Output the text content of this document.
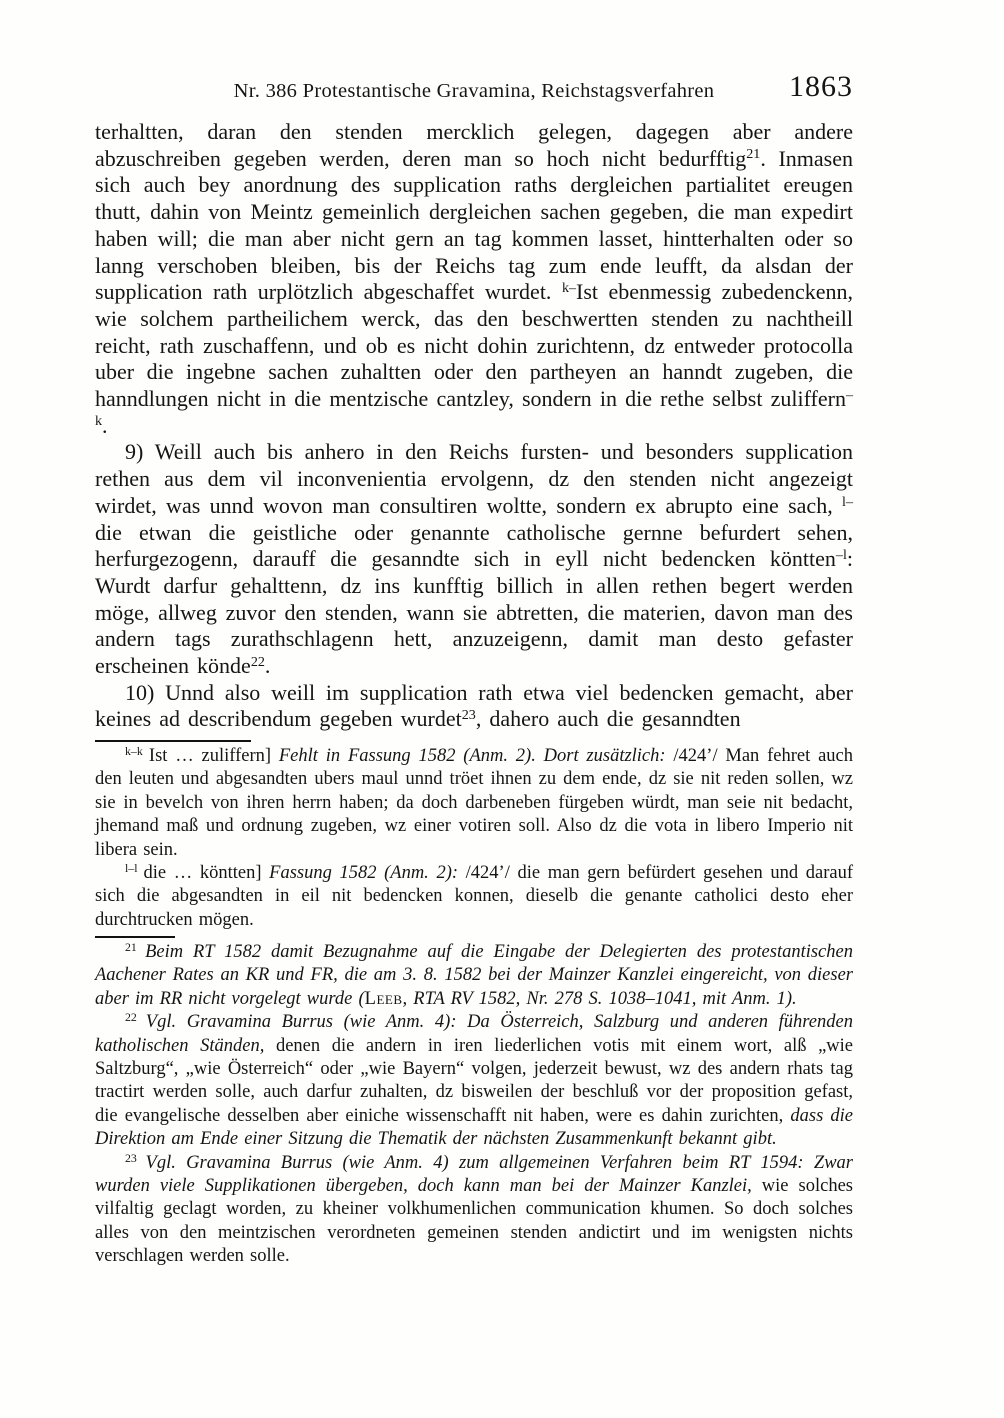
Nr. 386 Protestantische Gravamina, Reichstagsverfahren	1863

terhaltten, daran den stenden mercklich gelegen, dagegen aber andere abzuschreiben gegeben werden, deren man so hoch nicht bedurfftig$^{21}$. Inmasen sich auch bey anordnung des supplication raths dergleichen partialitet ereugen thutt, dahin von Meintz gemeinlich dergleichen sachen gegeben, die man expedirt haben will; die man aber nicht gern an tag kommen lasset, hintterhalten oder so lanng verschoben bleiben, bis der Reichs tag zum ende leufft, da alsdan der supplication rath urplötzlich abgeschaffet wurdet. $^{k-}$Ist ebenmessig zubedenckenn, wie solchem partheilichem werck, das den beschwertten stenden zu nachtheill reicht, rath zuschaffenn, und ob es nicht dohin zurichtenn, dz entweder protocolla uber die ingebne sachen zuhaltten oder den partheyen an hanndt zugeben, die hanndlungen nicht in die mentzische cantzley, sondern in die rethe selbst zuliffern$^{-k}$.

9) Weill auch bis anhero in den Reichs fursten- und besonders supplication rethen aus dem vil inconvenientia ervolgenn, dz den stenden nicht angezeigt wirdet, was unnd wovon man consultiren woltte, sondern ex abrupto eine sach, $^{l-}$die etwan die geistliche oder genannte catholische gernne befurdert sehen, herfurgezogenn, darauff die gesanndte sich in eyll nicht bedencken köntten$^{-l}$: Wurdt darfur gehalttenn, dz ins kunfftig billich in allen rethen begert werden möge, allweg zuvor den stenden, wann sie abtretten, die materien, davon man des andern tags zurathschlagenn hett, anzuzeigenn, damit man desto gefaster erscheinen könde$^{22}$.

10) Unnd also weill im supplication rath etwa viel bedencken gemacht, aber keines ad describendum gegeben wurdet$^{23}$, dahero auch die gesanndten

$^{k-k}$ Ist … zuliffern] Fehlt in Fassung 1582 (Anm. 2). Dort zusätzlich: /424’/ Man fehret auch den leuten und abgesandten ubers maul unnd tröet ihnen zu dem ende, dz sie nit reden sollen, wz sie in bevelch von ihren herrn haben; da doch darbeneben fürgeben würdt, man seie nit bedacht, jhemand maß und ordnung zugeben, wz einer votiren soll. Also dz die vota in libero Imperio nit libera sein.

$^{l-l}$ die … köntten] Fassung 1582 (Anm. 2): /424’/ die man gern befürdert gesehen und darauf sich die abgesandten in eil nit bedencken konnen, dieselb die genante catholici desto eher durchtrucken mögen.

$^{21}$ Beim RT 1582 damit Bezugnahme auf die Eingabe der Delegierten des protestantischen Aachener Rates an KR und FR, die am 3. 8. 1582 bei der Mainzer Kanzlei eingereicht, von dieser aber im RR nicht vorgelegt wurde (Leeb, RTA RV 1582, Nr. 278 S. 1038–1041, mit Anm. 1).

$^{22}$ Vgl. Gravamina Burrus (wie Anm. 4): Da Österreich, Salzburg und anderen führenden katholischen Ständen, denen die andern in iren liederlichen votis mit einem wort, alß „wie Saltzburg“, „wie Österreich“ oder „wie Bayern“ volgen, jederzeit bewust, wz des andern rhats tag tractirt werden solle, auch darfur zuhalten, dz bisweilen der beschluß vor der proposition gefast, die evangelische desselben aber einiche wissenschafft nit haben, were es dahin zurichten, dass die Direktion am Ende einer Sitzung die Thematik der nächsten Zusammenkunft bekannt gibt.

$^{23}$ Vgl. Gravamina Burrus (wie Anm. 4) zum allgemeinen Verfahren beim RT 1594: Zwar wurden viele Supplikationen übergeben, doch kann man bei der Mainzer Kanzlei, wie solches vilfaltig geclagt worden, zu kheiner volkhumenlichen communication khumen. So doch solches alles von den meintzischen verordneten gemeinen stenden andictirt und im wenigsten nichts verschlagen werden solle.
